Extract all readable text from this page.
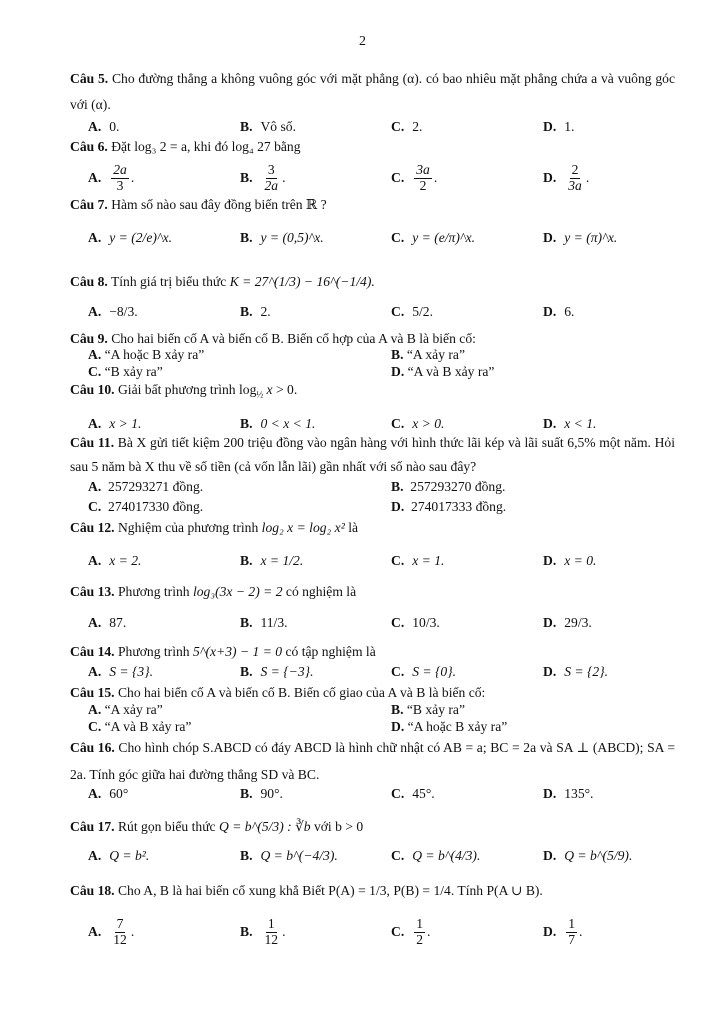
2
Câu 5. Cho đường thẳng a không vuông góc với mặt phẳng (α). có bao nhiêu mặt phẳng chứa a và vuông góc với (α).
A. 0.	B. Vô số.	C. 2.	D. 1.
Câu 6. Đặt log₃ 2 = a, khi đó log₄ 27 bằng
A. $\frac{2a}{3}$ .	B. $\frac{3}{2a}$ .	C. $\frac{3a}{2}$ .	D. $\frac{2}{3a}$ .
Câu 7. Hàm số nào sau đây đồng biến trên ℝ ?
A. y = (2/e)^x.	B. y = (0,5)^x.	C. y = (e/π)^x.	D. y = (π)^x.
Câu 8. Tính giá trị biểu thức K = 27^(1/3) − 16^(−1/4).
A. −8/3.	B. 2.	C. 5/2.	D. 6.
Câu 9. Cho hai biến cố A và biến cố B. Biến cố hợp của A và B là biến cố:
A. “A hoặc B xảy ra”	B. “A xảy ra”
C. “B xảy ra”	D. “A và B xảy ra”
Câu 10. Giải bất phương trình $\log_{\frac{1}{2}} x > 0$.
A. x > 1.	B. 0 < x < 1.	C. x > 0.	D. x < 1.
Câu 11. Bà X gửi tiết kiệm 200 triệu đồng vào ngân hàng với hình thức lãi kép và lãi suất 6,5% một năm. Hỏi sau 5 năm bà X thu về số tiền (cả vốn lẫn lãi) gần nhất với số nào sau đây?
A. 257293271 đồng.	B. 257293270 đồng.
C. 274017330 đồng.	D. 274017333 đồng.
Câu 12. Nghiệm của phương trình log₂ x = log₂ x² là
A. x = 2.	B. x = 1/2.	C. x = 1.	D. x = 0.
Câu 13. Phương trình log₃(3x − 2) = 2 có nghiệm là
A. 87.	B. 11/3.	C. 10/3.	D. 29/3.
Câu 14. Phương trình 5^(x+3) − 1 = 0 có tập nghiệm là
A. S = {3}.	B. S = {−3}.	C. S = {0}.	D. S = {2}.
Câu 15. Cho hai biến cố A và biến cố B. Biến cố giao của A và B là biến cố:
A. “A xảy ra”	B. “B xảy ra”
C. “A và B xảy ra”	D. “A hoặc B xảy ra”
Câu 16. Cho hình chóp S.ABCD có đáy ABCD là hình chữ nhật có AB = a; BC = 2a và SA ⊥ (ABCD); SA = 2a. Tính góc giữa hai đường thẳng SD và BC.
A. 60°	B. 90°.	C. 45°.	D. 135°.
Câu 17. Rút gọn biểu thức Q = b^(5/3) : ∛b với b > 0
A. Q = b².	B. Q = b^(−4/3).	C. Q = b^(4/3).	D. Q = b^(5/9).
Câu 18. Cho A, B là hai biến cố xung khắ Biết P(A) = 1/3, P(B) = 1/4. Tính P(A ∪ B).
A. $\frac{7}{12}$ .	B. $\frac{1}{12}$ .	C. $\frac{1}{2}$ .	D. $\frac{1}{7}$ .
